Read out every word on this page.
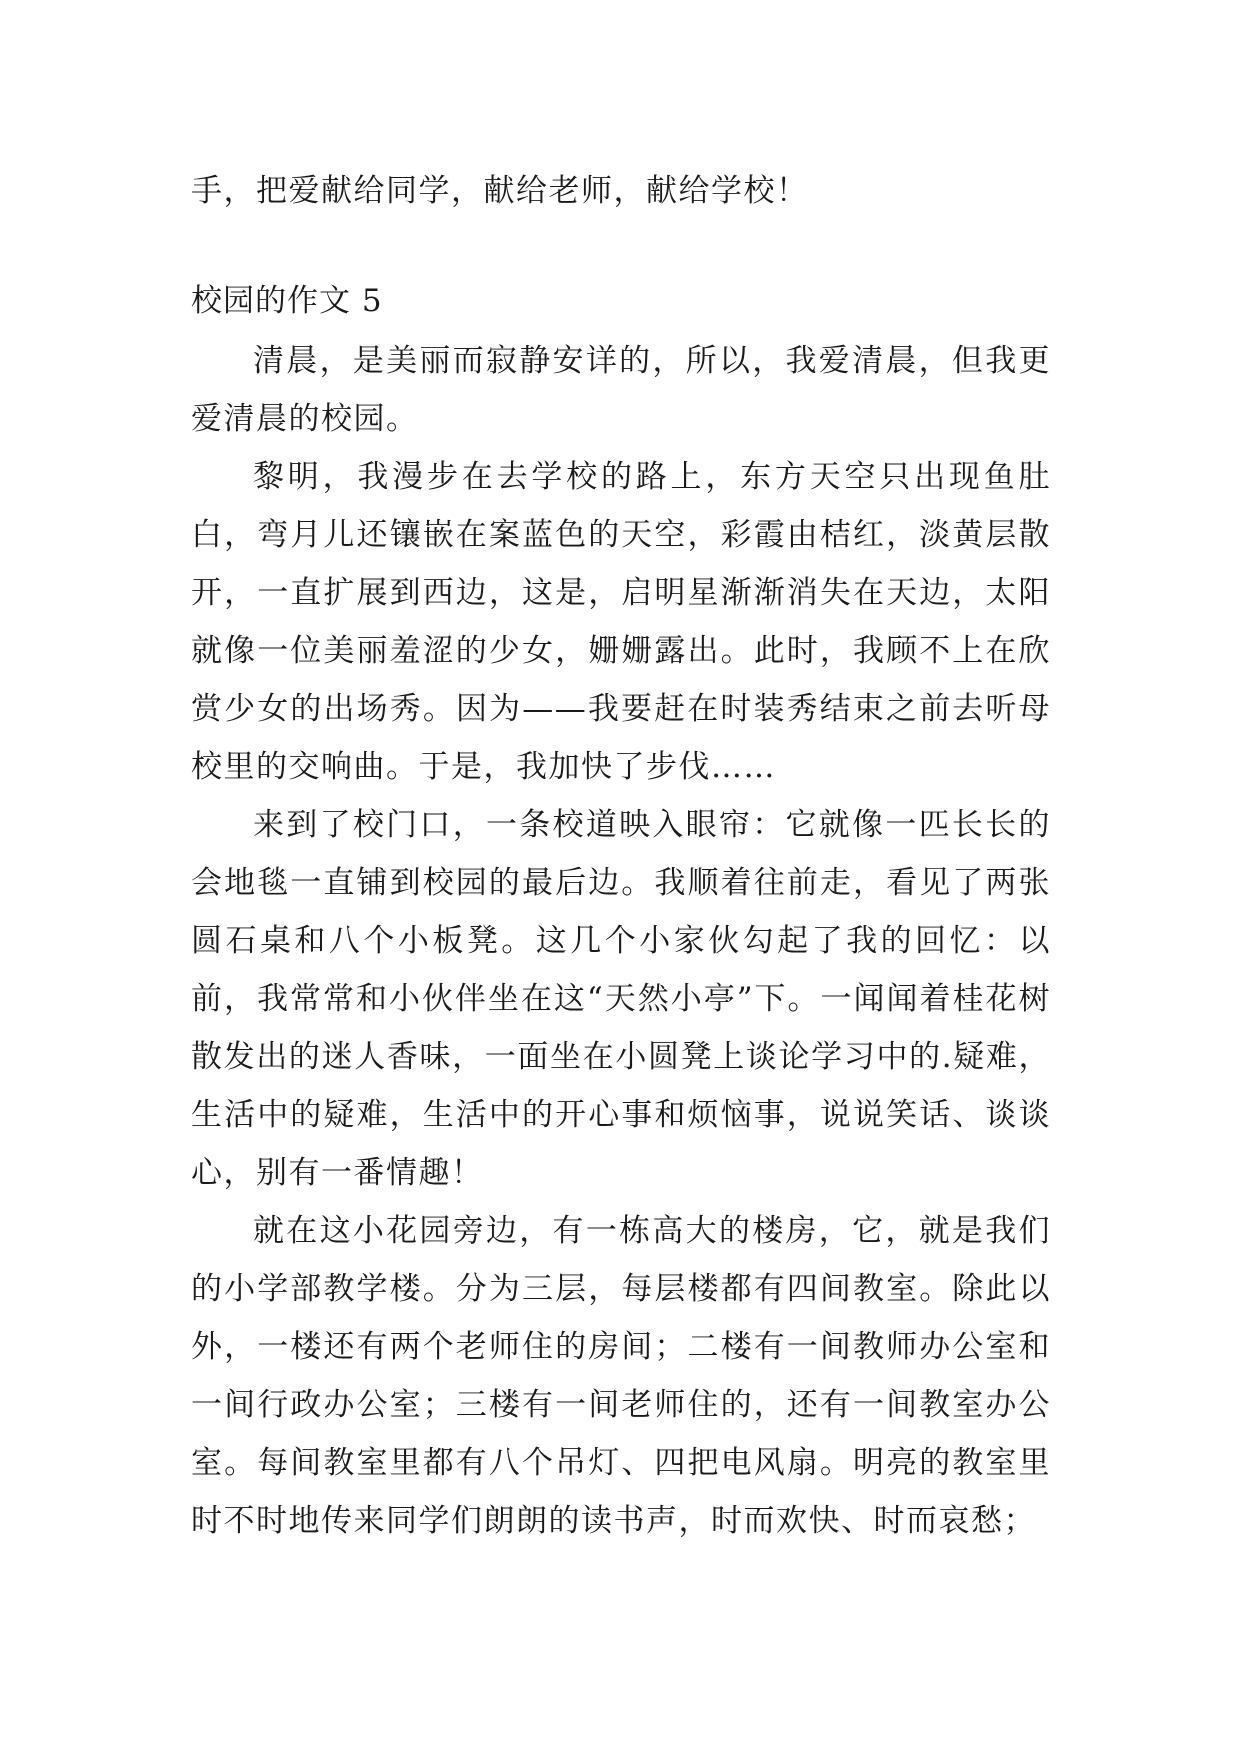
手，把爱献给同学，献给老师，献给学校！

校园的作文 5

清晨，是美丽而寂静安详的，所以，我爱清晨，但我更爱清晨的校园。

黎明，我漫步在去学校的路上，东方天空只出现鱼肚白，弯月儿还镶嵌在案蓝色的天空，彩霞由桔红，淡黄层散开，一直扩展到西边，这是，启明星渐渐消失在天边，太阳就像一位美丽羞涩的少女，姗姗露出。此时，我顾不上在欣赏少女的出场秀。因为——我要赶在时装秀结束之前去听母校里的交响曲。于是，我加快了步伐……

来到了校门口，一条校道映入眼帘：它就像一匹长长的会地毯一直铺到校园的最后边。我顺着往前走，看见了两张圆石桌和八个小板凳。这几个小家伙勾起了我的回忆：以前，我常常和小伙伴坐在这“天然小亭”下。一闻闻着桂花树散发出的迷人香味，一面坐在小圆凳上谈论学习中的.疑难，生活中的疑难，生活中的开心事和烦恼事，说说笑话、谈谈心，别有一番情趣！

就在这小花园旁边，有一栋高大的楼房，它，就是我们的小学部教学楼。分为三层，每层楼都有四间教室。除此以外，一楼还有两个老师住的房间；二楼有一间教师办公室和一间行政办公室；三楼有一间老师住的，还有一间教室办公室。每间教室里都有八个吊灯、四把电风扇。明亮的教室里时不时地传来同学们朗朗的读书声，时而欢快、时而哀愁；
